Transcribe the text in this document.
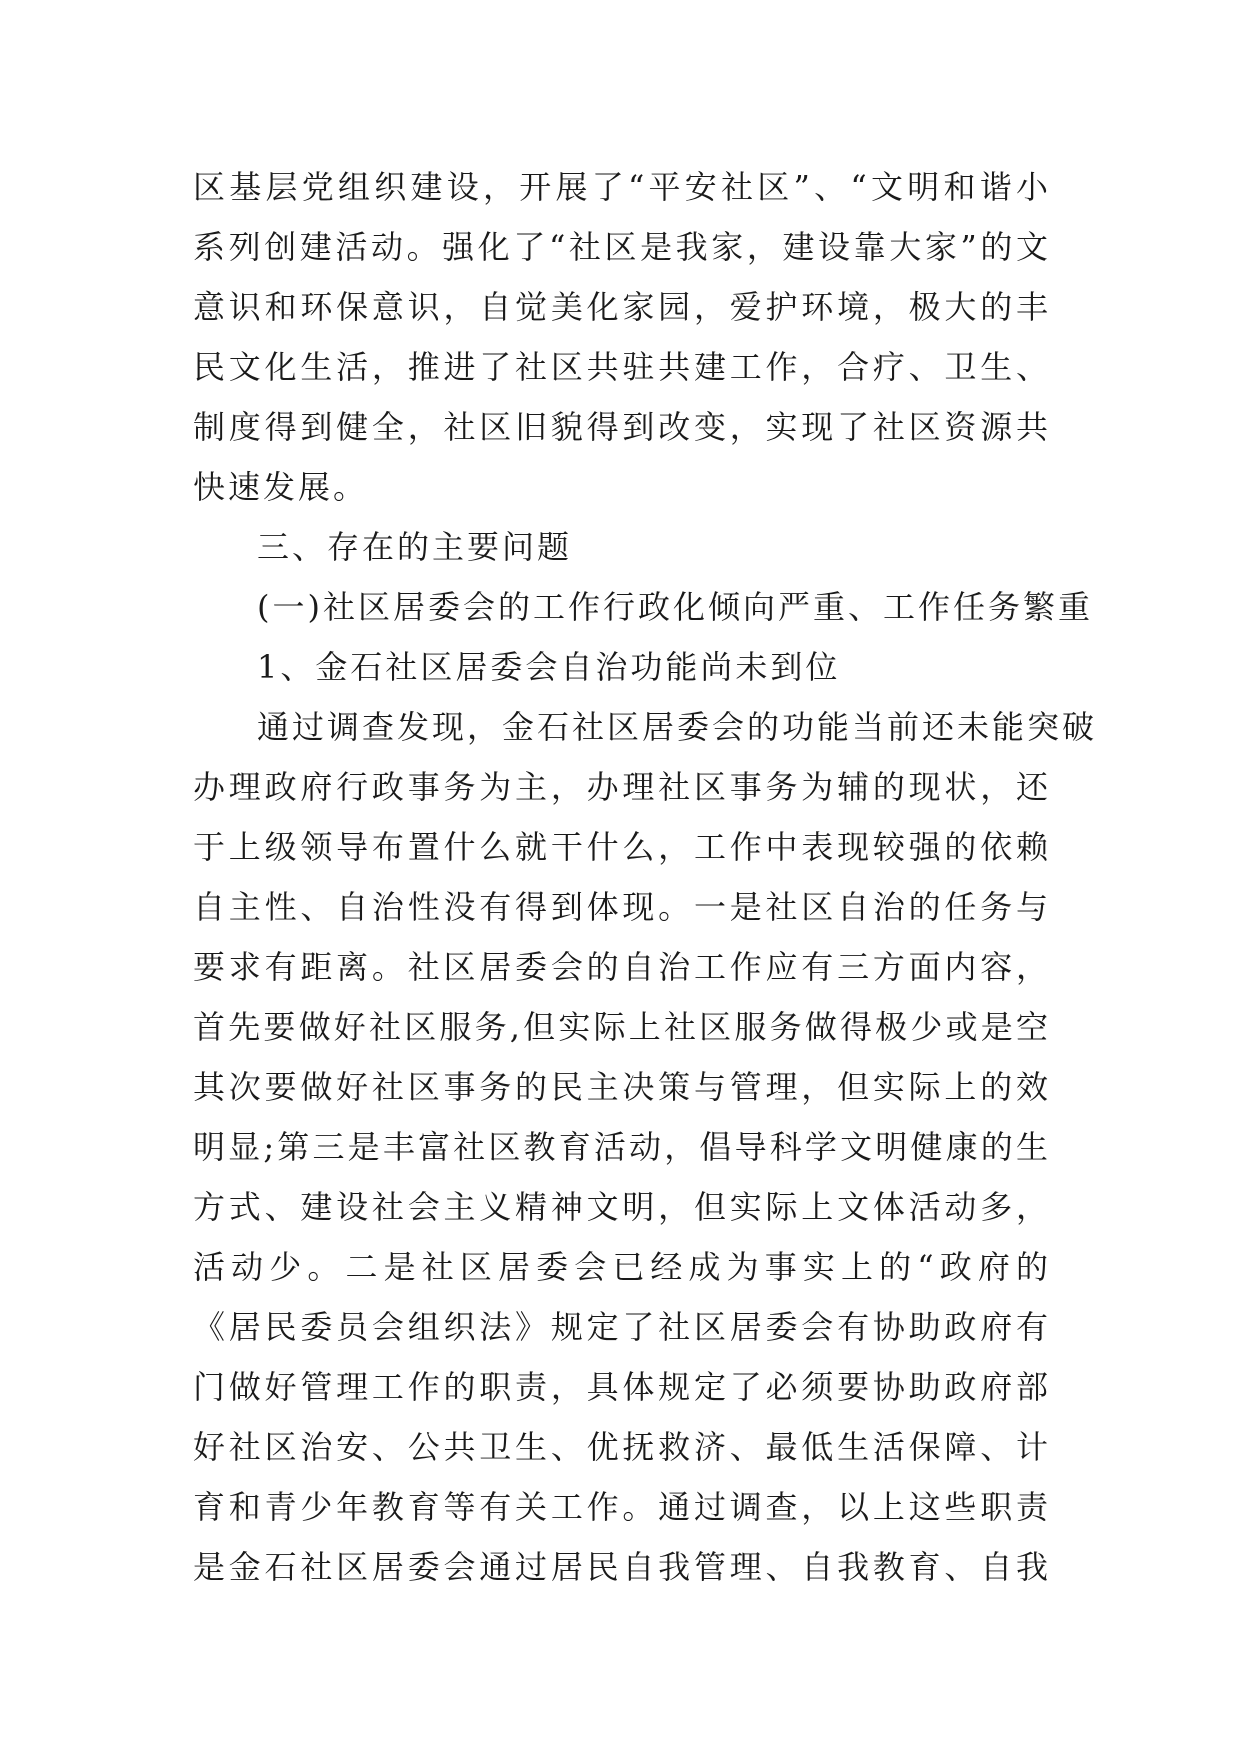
区基层党组织建设，开展了“平安社区”、“文明和谐小
系列创建活动。强化了“社区是我家，建设靠大家”的文
意识和环保意识，自觉美化家园，爱护环境，极大的丰
民文化生活，推进了社区共驻共建工作，合疗、卫生、
制度得到健全，社区旧貌得到改变，实现了社区资源共
快速发展。
三、存在的主要问题
(一)社区居委会的工作行政化倾向严重、工作任务繁重
1、金石社区居委会自治功能尚未到位
通过调查发现，金石社区居委会的功能当前还未能突破
办理政府行政事务为主，办理社区事务为辅的现状，还
于上级领导布置什么就干什么，工作中表现较强的依赖
自主性、自治性没有得到体现。一是社区自治的任务与
要求有距离。社区居委会的自治工作应有三方面内容，
首先要做好社区服务,但实际上社区服务做得极少或是空
其次要做好社区事务的民主决策与管理，但实际上的效
明显;第三是丰富社区教育活动，倡导科学文明健康的生
方式、建设社会主义精神文明，但实际上文体活动多，
活动少。二是社区居委会已经成为事实上的“政府的
《居民委员会组织法》规定了社区居委会有协助政府有
门做好管理工作的职责，具体规定了必须要协助政府部
好社区治安、公共卫生、优抚救济、最低生活保障、计
育和青少年教育等有关工作。通过调查，以上这些职责
是金石社区居委会通过居民自我管理、自我教育、自我
